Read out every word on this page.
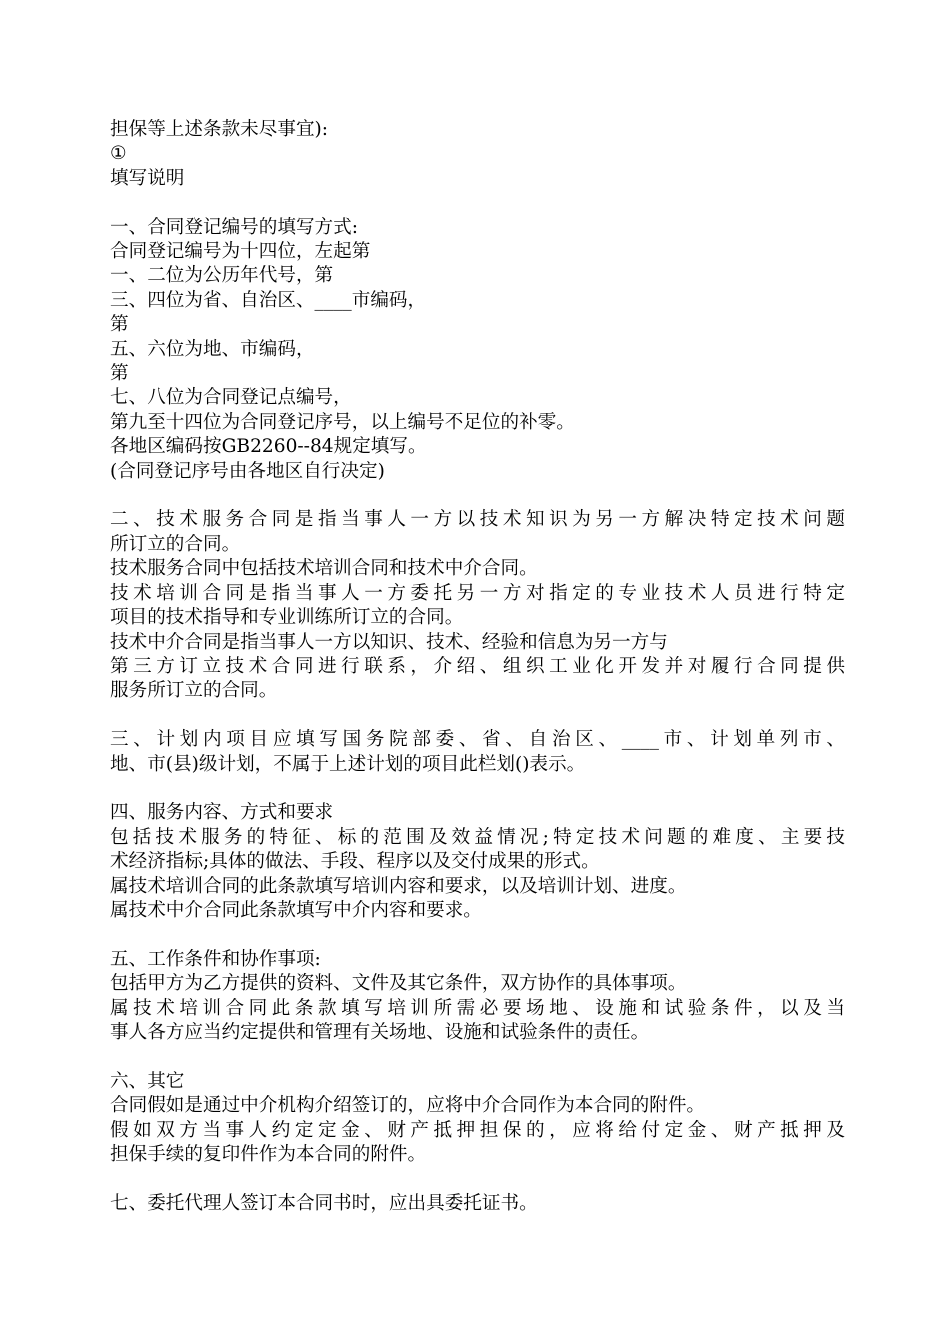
担保等上述条款未尽事宜):
①
填写说明
一、合同登记编号的填写方式:
合同登记编号为十四位，左起第
一、二位为公历年代号，第
三、四位为省、自治区、____市编码，
第
五、六位为地、市编码，
第
七、八位为合同登记点编号，
第九至十四位为合同登记序号，以上编号不足位的补零。
各地区编码按GB2260--84规定填写。
(合同登记序号由各地区自行决定)
二、技术服务合同是指当事人一方以技术知识为另一方解决特定技术问题
所订立的合同。
技术服务合同中包括技术培训合同和技术中介合同。
技术培训合同是指当事人一方委托另一方对指定的专业技术人员进行特定
项目的技术指导和专业训练所订立的合同。
技术中介合同是指当事人一方以知识、技术、经验和信息为另一方与
第三方订立技术合同进行联系，介绍、组织工业化开发并对履行合同提供
服务所订立的合同。
三、计划内项目应填写国务院部委、省、自治区、____市、计划单列市、
地、市(县)级计划，不属于上述计划的项目此栏划()表示。
四、服务内容、方式和要求
包括技术服务的特征、标的范围及效益情况;特定技术问题的难度、主要技
术经济指标;具体的做法、手段、程序以及交付成果的形式。
属技术培训合同的此条款填写培训内容和要求，以及培训计划、进度。
属技术中介合同此条款填写中介内容和要求。
五、工作条件和协作事项:
包括甲方为乙方提供的资料、文件及其它条件，双方协作的具体事项。
属技术培训合同此条款填写培训所需必要场地、设施和试验条件，以及当
事人各方应当约定提供和管理有关场地、设施和试验条件的责任。
六、其它
合同假如是通过中介机构介绍签订的，应将中介合同作为本合同的附件。
假如双方当事人约定定金、财产抵押担保的，应将给付定金、财产抵押及
担保手续的复印件作为本合同的附件。
七、委托代理人签订本合同书时，应出具委托证书。
